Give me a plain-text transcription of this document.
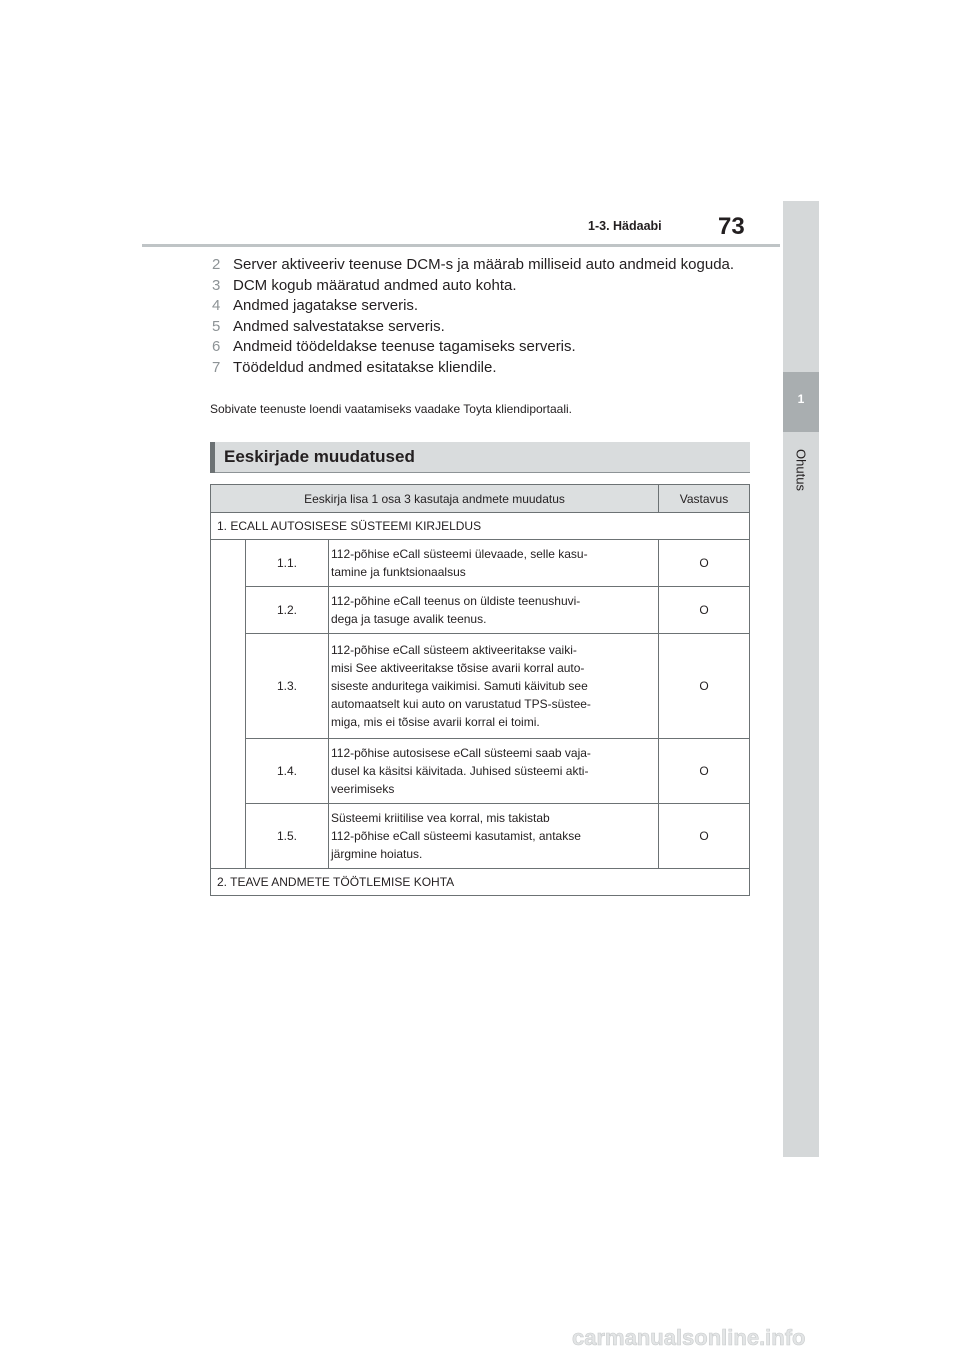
1
Ohutus
1-3. Hädaabi 73
2 Server aktiveeriv teenuse DCM-s ja määrab milliseid auto andmeid koguda.
3 DCM kogub määratud andmed auto kohta.
4 Andmed jagatakse serveris.
5 Andmed salvestatakse serveris.
6 Andmeid töödeldakse teenuse tagamiseks serveris.
7 Töödeldud andmed esitatakse kliendile.
Sobivate teenuste loendi vaatamiseks vaadake Toyta kliendiportaali.
Eeskirjade muudatused
Eeskirja lisa 1 osa 3 kasutaja andmete muudatus			Vastavus
1. ECALL AUTOSISESE SÜSTEEMI KIRJELDUS			
	1.1.	112-põhise eCall süsteemi ülevaade, selle kasu-
tamine ja funktsionaalsus	O
	1.2.	112-põhine eCall teenus on üldiste teenushuvi-
dega ja tasuge avalik teenus.	O
	1.3.	112-põhise eCall süsteem aktiveeritakse vaiki-
misi See aktiveeritakse tõsise avarii korral auto-
siseste anduritega vaikimisi. Samuti käivitub see
automaatselt kui auto on varustatud TPS-süstee-
miga, mis ei tõsise avarii korral ei toimi.	O
	1.4.	112-põhise autosisese eCall süsteemi saab vaja-
dusel ka käsitsi käivitada. Juhised süsteemi akti-
veerimiseks	O
	1.5.	Süsteemi kriitilise vea korral, mis takistab
112-põhise eCall süsteemi kasutamist, antakse
järgmine hoiatus.	O
2. TEAVE ANDMETE TÖÖTLEMISE KOHTA			
carmanualsonline.info
